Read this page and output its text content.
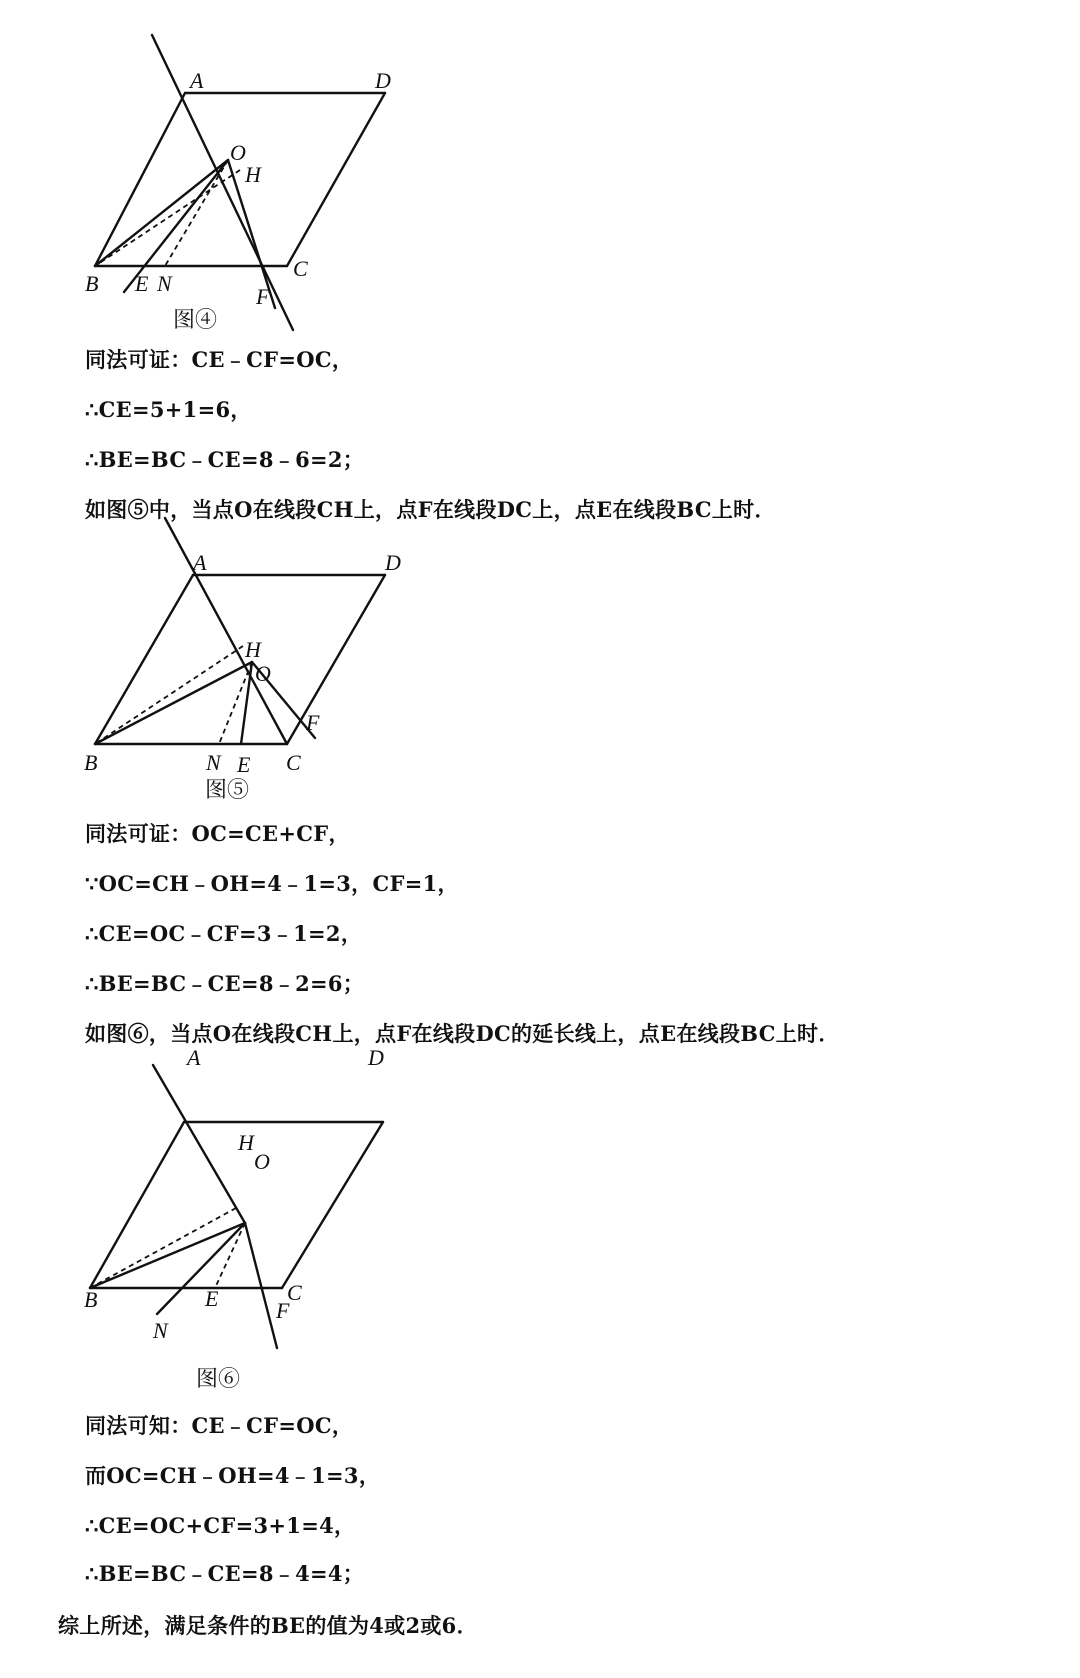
A	D
O
H
B E N
C
F
图④
同法可证：CE﹣CF=OC，
∴CE=5+1=6，
∴BE=BC﹣CE=8﹣6=2；
如图⑤中，当点O在线段CH上，点F在线段DC上，点E在线段BC上时．
A	D
H
O
F
B	N E C
图⑤
同法可证：OC=CE+CF，
∵OC=CH﹣OH=4﹣1=3，CF=1，
∴CE=OC﹣CF=3﹣1=2，
∴BE=BC﹣CE=8﹣2=6；
如图⑥，当点O在线段CH上，点F在线段DC的延长线上，点E在线段BC上时．
A	D
H
O
B	E	C
F
N
图⑥
同法可知：CE﹣CF=OC，
而OC=CH﹣OH=4﹣1=3，
∴CE=OC+CF=3+1=4，
∴BE=BC﹣CE=8﹣4=4；
综上所述，满足条件的BE的值为4或2或6．
